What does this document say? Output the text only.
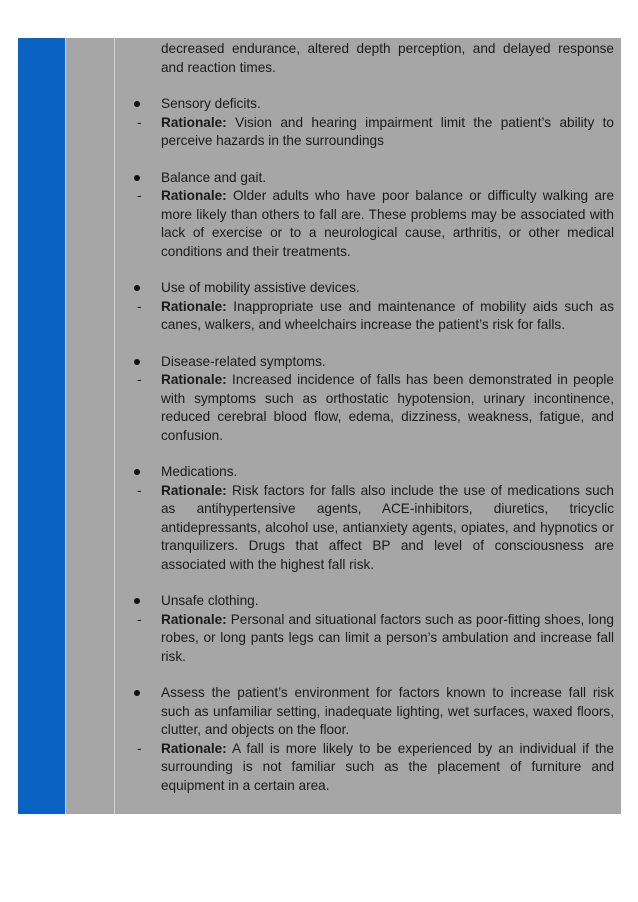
decreased endurance, altered depth perception, and delayed response and reaction times.
Sensory deficits.
-	Rationale: Vision and hearing impairment limit the patient’s ability to perceive hazards in the surroundings
Balance and gait.
-	Rationale: Older adults who have poor balance or difficulty walking are more likely than others to fall are. These problems may be associated with lack of exercise or to a neurological cause, arthritis, or other medical conditions and their treatments.
Use of mobility assistive devices.
-	Rationale: Inappropriate use and maintenance of mobility aids such as canes, walkers, and wheelchairs increase the patient’s risk for falls.
Disease-related symptoms.
-	Rationale: Increased incidence of falls has been demonstrated in people with symptoms such as orthostatic hypotension, urinary incontinence, reduced cerebral blood flow, edema, dizziness, weakness, fatigue, and confusion.
Medications.
-	Rationale: Risk factors for falls also include the use of medications such as antihypertensive agents, ACE-inhibitors, diuretics, tricyclic antidepressants, alcohol use, antianxiety agents, opiates, and hypnotics or tranquilizers. Drugs that affect BP and level of consciousness are associated with the highest fall risk.
Unsafe clothing.
-	Rationale: Personal and situational factors such as poor-fitting shoes, long robes, or long pants legs can limit a person’s ambulation and increase fall risk.
Assess the patient’s environment for factors known to increase fall risk such as unfamiliar setting, inadequate lighting, wet surfaces, waxed floors, clutter, and objects on the floor.
-	Rationale: A fall is more likely to be experienced by an individual if the surrounding is not familiar such as the placement of furniture and equipment in a certain area.
